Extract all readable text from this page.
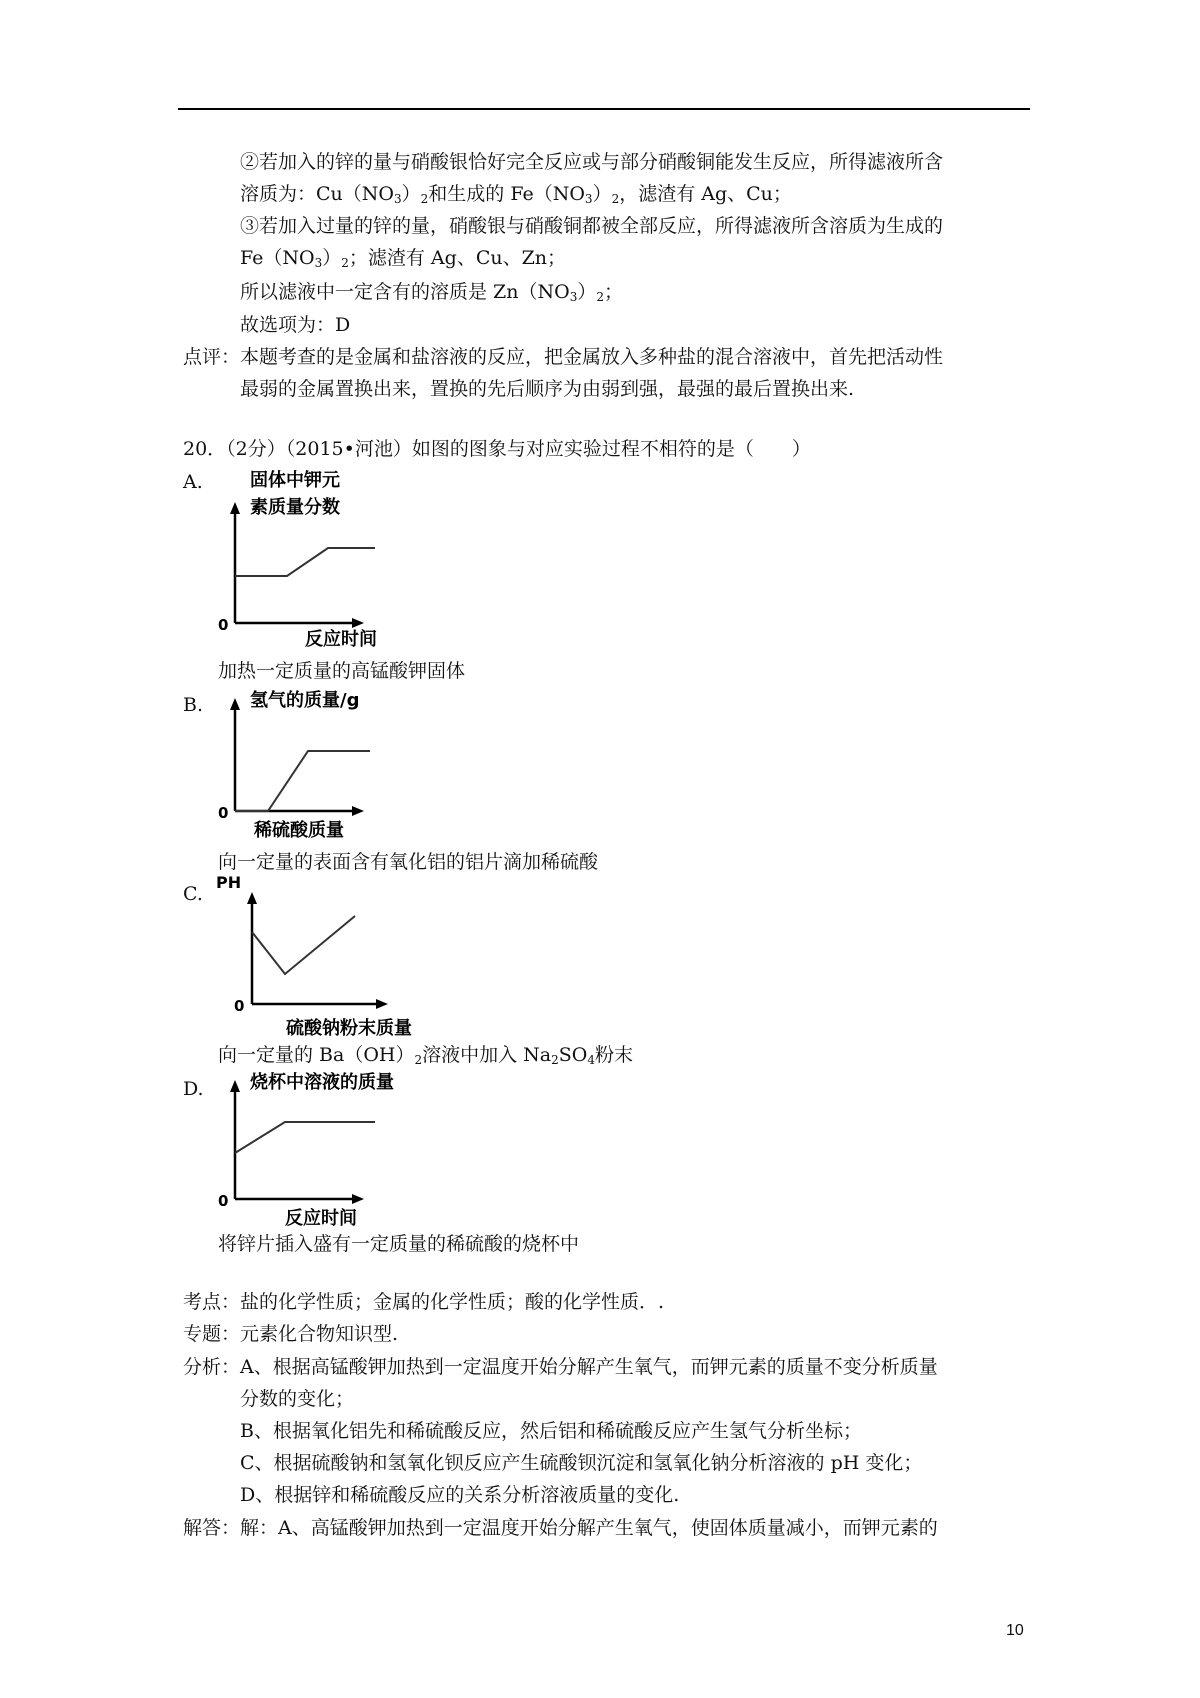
②若加入的锌的量与硝酸银恰好完全反应或与部分硝酸铜能发生反应，所得滤液所含
溶质为：$Cu(NO_3)_2$和生成的 $Fe(NO_3)_2$，滤渣有 Ag、Cu；
③若加入过量的锌的量，硝酸银与硝酸铜都被全部反应，所得滤液所含溶质为生成的
$Fe(NO_3)_2$；滤渣有 Ag、Cu、Zn；
所以滤液中一定含有的溶质是 $Zn(NO_3)_2$；
故选项为：D
点评： 本题考查的是金属和盐溶液的反应，把金属放入多种盐的混合溶液中，首先把活动性
最弱的金属置换出来，置换的先后顺序为由弱到强，最强的最后置换出来.
20．（2分）（2015•河池）如图的图象与对应实验过程不相符的是（　　）
A.	固体中钾元
素质量分数
0
反应时间
加热一定质量的高锰酸钾固体
B.	氢气的质量/g
0
稀硫酸质量
向一定量的表面含有氧化铝的铝片滴加稀硫酸
C.
PH
0
硫酸钠粉末质量
向一定量的 $Ba(OH)_2$溶液中加入 $Na_2SO_4$粉末
D.	烧杯中溶液的质量
0
反应时间
将锌片插入盛有一定质量的稀硫酸的烧杯中
考点：盐的化学性质；金属的化学性质；酸的化学性质．.
专题：元素化合物知识型.
分析： A、根据高锰酸钾加热到一定温度开始分解产生氧气，而钾元素的质量不变分析质量
分数的变化；
B、根据氧化铝先和稀硫酸反应，然后铝和稀硫酸反应产生氢气分析坐标；
C、根据硫酸钠和氢氧化钡反应产生硫酸钡沉淀和氢氧化钠分析溶液的 pH 变化；
D、根据锌和稀硫酸反应的关系分析溶液质量的变化.
解答：解：A、高锰酸钾加热到一定温度开始分解产生氧气，使固体质量减小，而钾元素的
10
